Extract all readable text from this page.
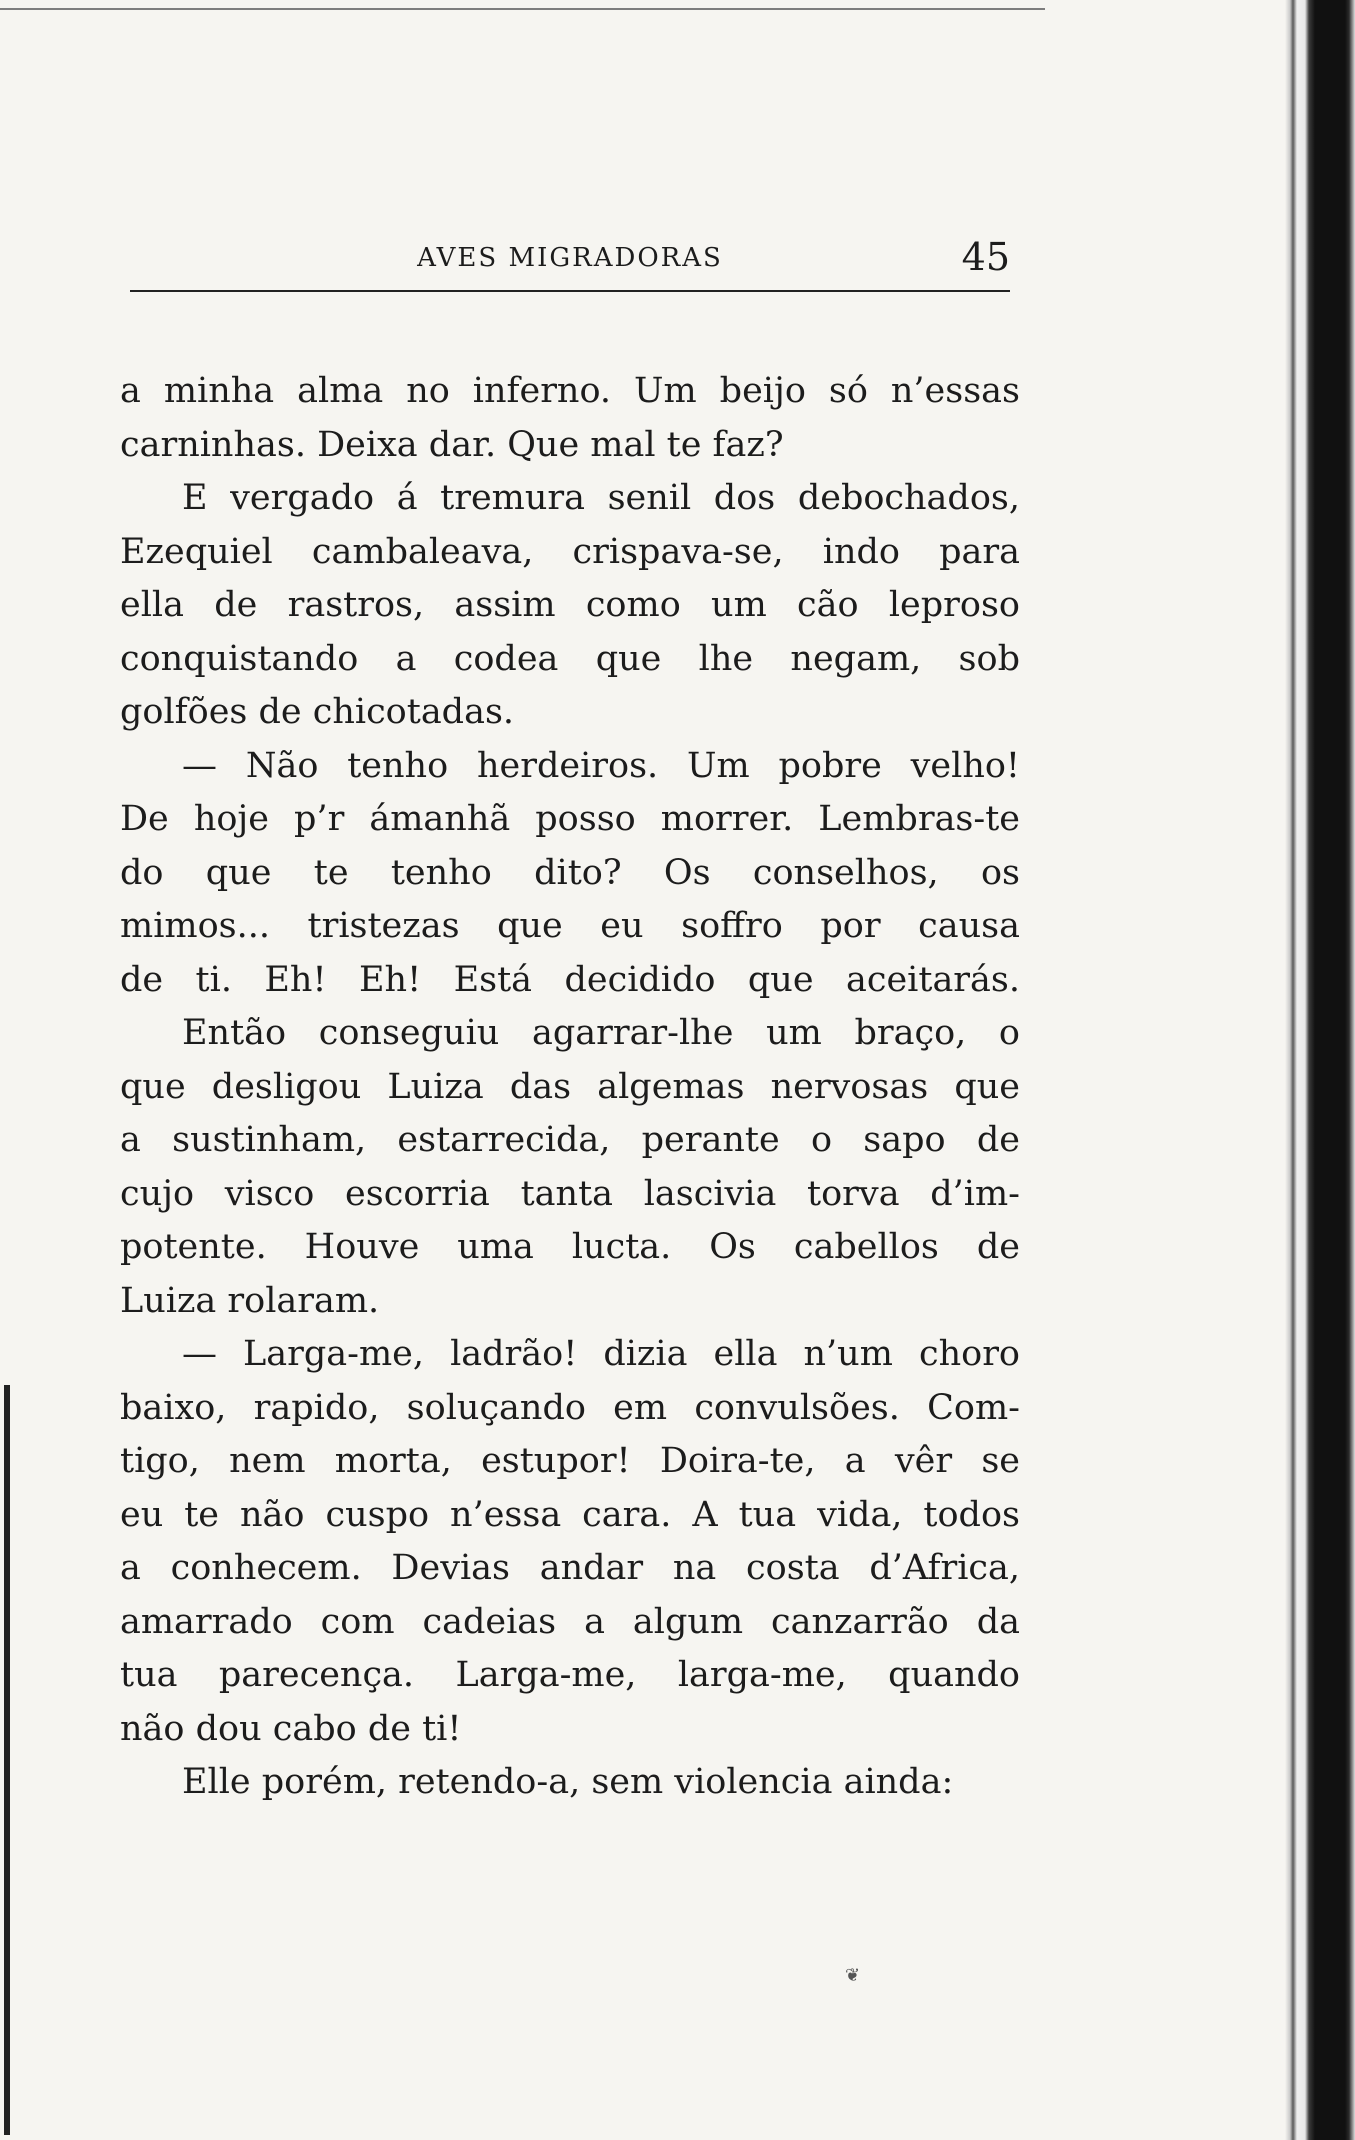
AVES MIGRADORAS	45
a minha alma no inferno. Um beijo só n’essas
carninhas. Deixa dar. Que mal te faz?
E vergado á tremura senil dos debochados,
Ezequiel cambaleava, crispava-se, indo para
ella de rastros, assim como um cão leproso
conquistando a codea que lhe negam, sob
golfões de chicotadas.
— Não tenho herdeiros. Um pobre velho!
De hoje p’r ámanhã posso morrer. Lembras-te
do que te tenho dito? Os conselhos, os
mimos... tristezas que eu soffro por causa
de ti. Eh! Eh! Está decidido que aceitarás.
Então conseguiu agarrar-lhe um braço, o
que desligou Luiza das algemas nervosas que
a sustinham, estarrecida, perante o sapo de
cujo visco escorria tanta lascivia torva d’im-
potente. Houve uma lucta. Os cabellos de
Luiza rolaram.
— Larga-me, ladrão! dizia ella n’um choro
baixo, rapido, soluçando em convulsões. Com-
tigo, nem morta, estupor! Doira-te, a vêr se
eu te não cuspo n’essa cara. A tua vida, todos
a conhecem. Devias andar na costa d’Africa,
amarrado com cadeias a algum canzarrão da
tua parecença. Larga-me, larga-me, quando
não dou cabo de ti!
Elle porém, retendo-a, sem violencia ainda:
❦
